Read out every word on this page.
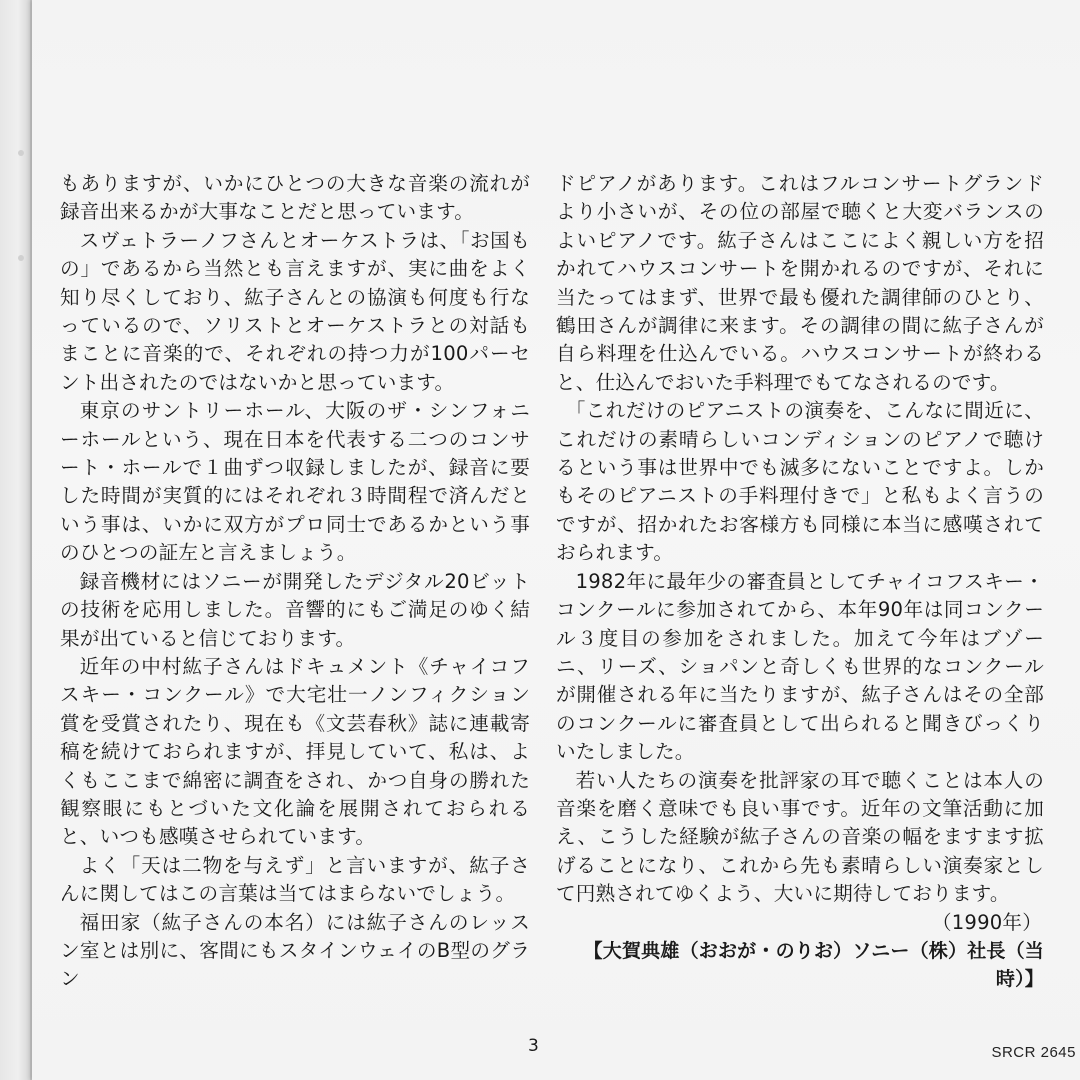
もありますが、いかにひとつの大きな音楽の流れが録音出来るかが大事なことだと思っています。

スヴェトラーノフさんとオーケストラは、「お国もの」であるから当然とも言えますが、実に曲をよく知り尽くしており、紘子さんとの協演も何度も行なっているので、ソリストとオーケストラとの対話もまことに音楽的で、それぞれの持つ力が100パーセント出されたのではないかと思っています。

東京のサントリーホール、大阪のザ・シンフォニーホールという、現在日本を代表する二つのコンサート・ホールで１曲ずつ収録しましたが、録音に要した時間が実質的にはそれぞれ３時間程で済んだという事は、いかに双方がプロ同士であるかという事のひとつの証左と言えましょう。

録音機材にはソニーが開発したデジタル20ビットの技術を応用しました。音響的にもご満足のゆく結果が出ていると信じております。

近年の中村紘子さんはドキュメント《チャイコフスキー・コンクール》で大宅壮一ノンフィクション賞を受賞されたり、現在も《文芸春秋》誌に連載寄稿を続けておられますが、拝見していて、私は、よくもここまで綿密に調査をされ、かつ自身の勝れた観察眼にもとづいた文化論を展開されておられると、いつも感嘆させられています。

よく「天は二物を与えず」と言いますが、紘子さんに関してはこの言葉は当てはまらないでしょう。

福田家（紘子さんの本名）には紘子さんのレッスン室とは別に、客間にもスタインウェイのB型のグラン

ドピアノがあります。これはフルコンサートグランドより小さいが、その位の部屋で聴くと大変バランスのよいピアノです。紘子さんはここによく親しい方を招かれてハウスコンサートを開かれるのですが、それに当たってはまず、世界で最も優れた調律師のひとり、鶴田さんが調律に来ます。その調律の間に紘子さんが自ら料理を仕込んでいる。ハウスコンサートが終わると、仕込んでおいた手料理でもてなされるのです。

「これだけのピアニストの演奏を、こんなに間近に、これだけの素晴らしいコンディションのピアノで聴けるという事は世界中でも滅多にないことですよ。しかもそのピアニストの手料理付きで」と私もよく言うのですが、招かれたお客様方も同様に本当に感嘆されておられます。

1982年に最年少の審査員としてチャイコフスキー・コンクールに参加されてから、本年90年は同コンクール３度目の参加をされました。加えて今年はブゾーニ、リーズ、ショパンと奇しくも世界的なコンクールが開催される年に当たりますが、紘子さんはその全部のコンクールに審査員として出られると聞きびっくりいたしました。

若い人たちの演奏を批評家の耳で聴くことは本人の音楽を磨く意味でも良い事です。近年の文筆活動に加え、こうした経験が紘子さんの音楽の幅をますます拡げることになり、これから先も素晴らしい演奏家として円熟されてゆくよう、大いに期待しております。

（1990年）

【大賀典雄（おおが・のりお）ソニー（株）社長（当時）】

3	SRCR 2645
